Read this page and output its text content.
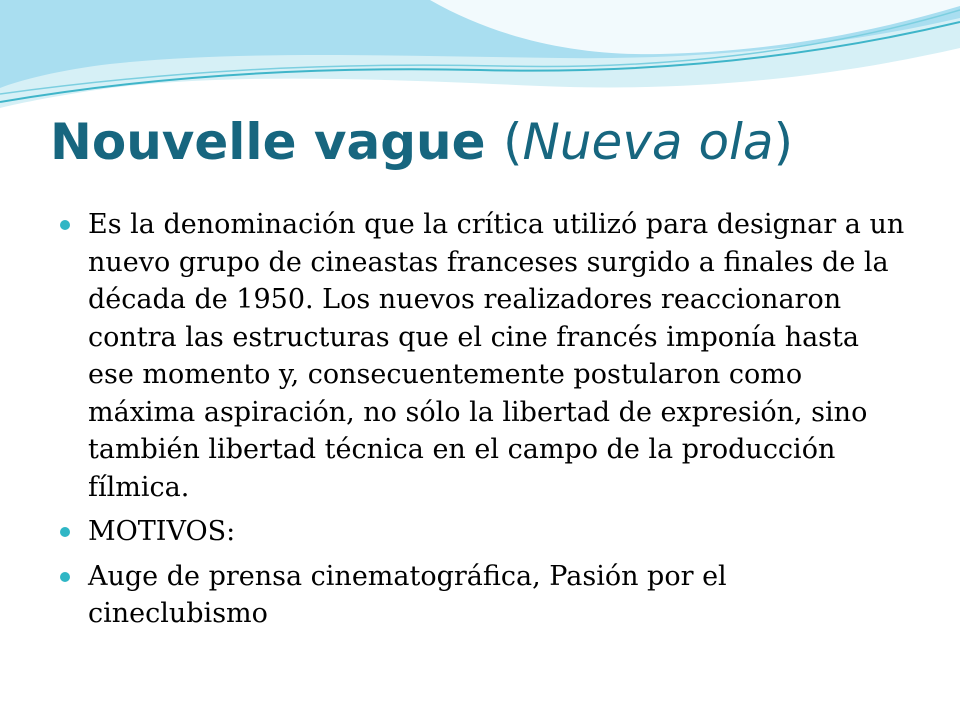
Nouvelle vague (Nueva ola)
Es la denominación que la crítica utilizó para designar a un nuevo grupo de cineastas franceses surgido a finales de la década de 1950. Los nuevos realizadores reaccionaron contra las estructuras que el cine francés imponía hasta ese momento y, consecuentemente postularon como máxima aspiración, no sólo la libertad de expresión, sino también libertad técnica en el campo de la producción fílmica.
MOTIVOS:
Auge de prensa cinematográfica, Pasión por el cineclubismo
